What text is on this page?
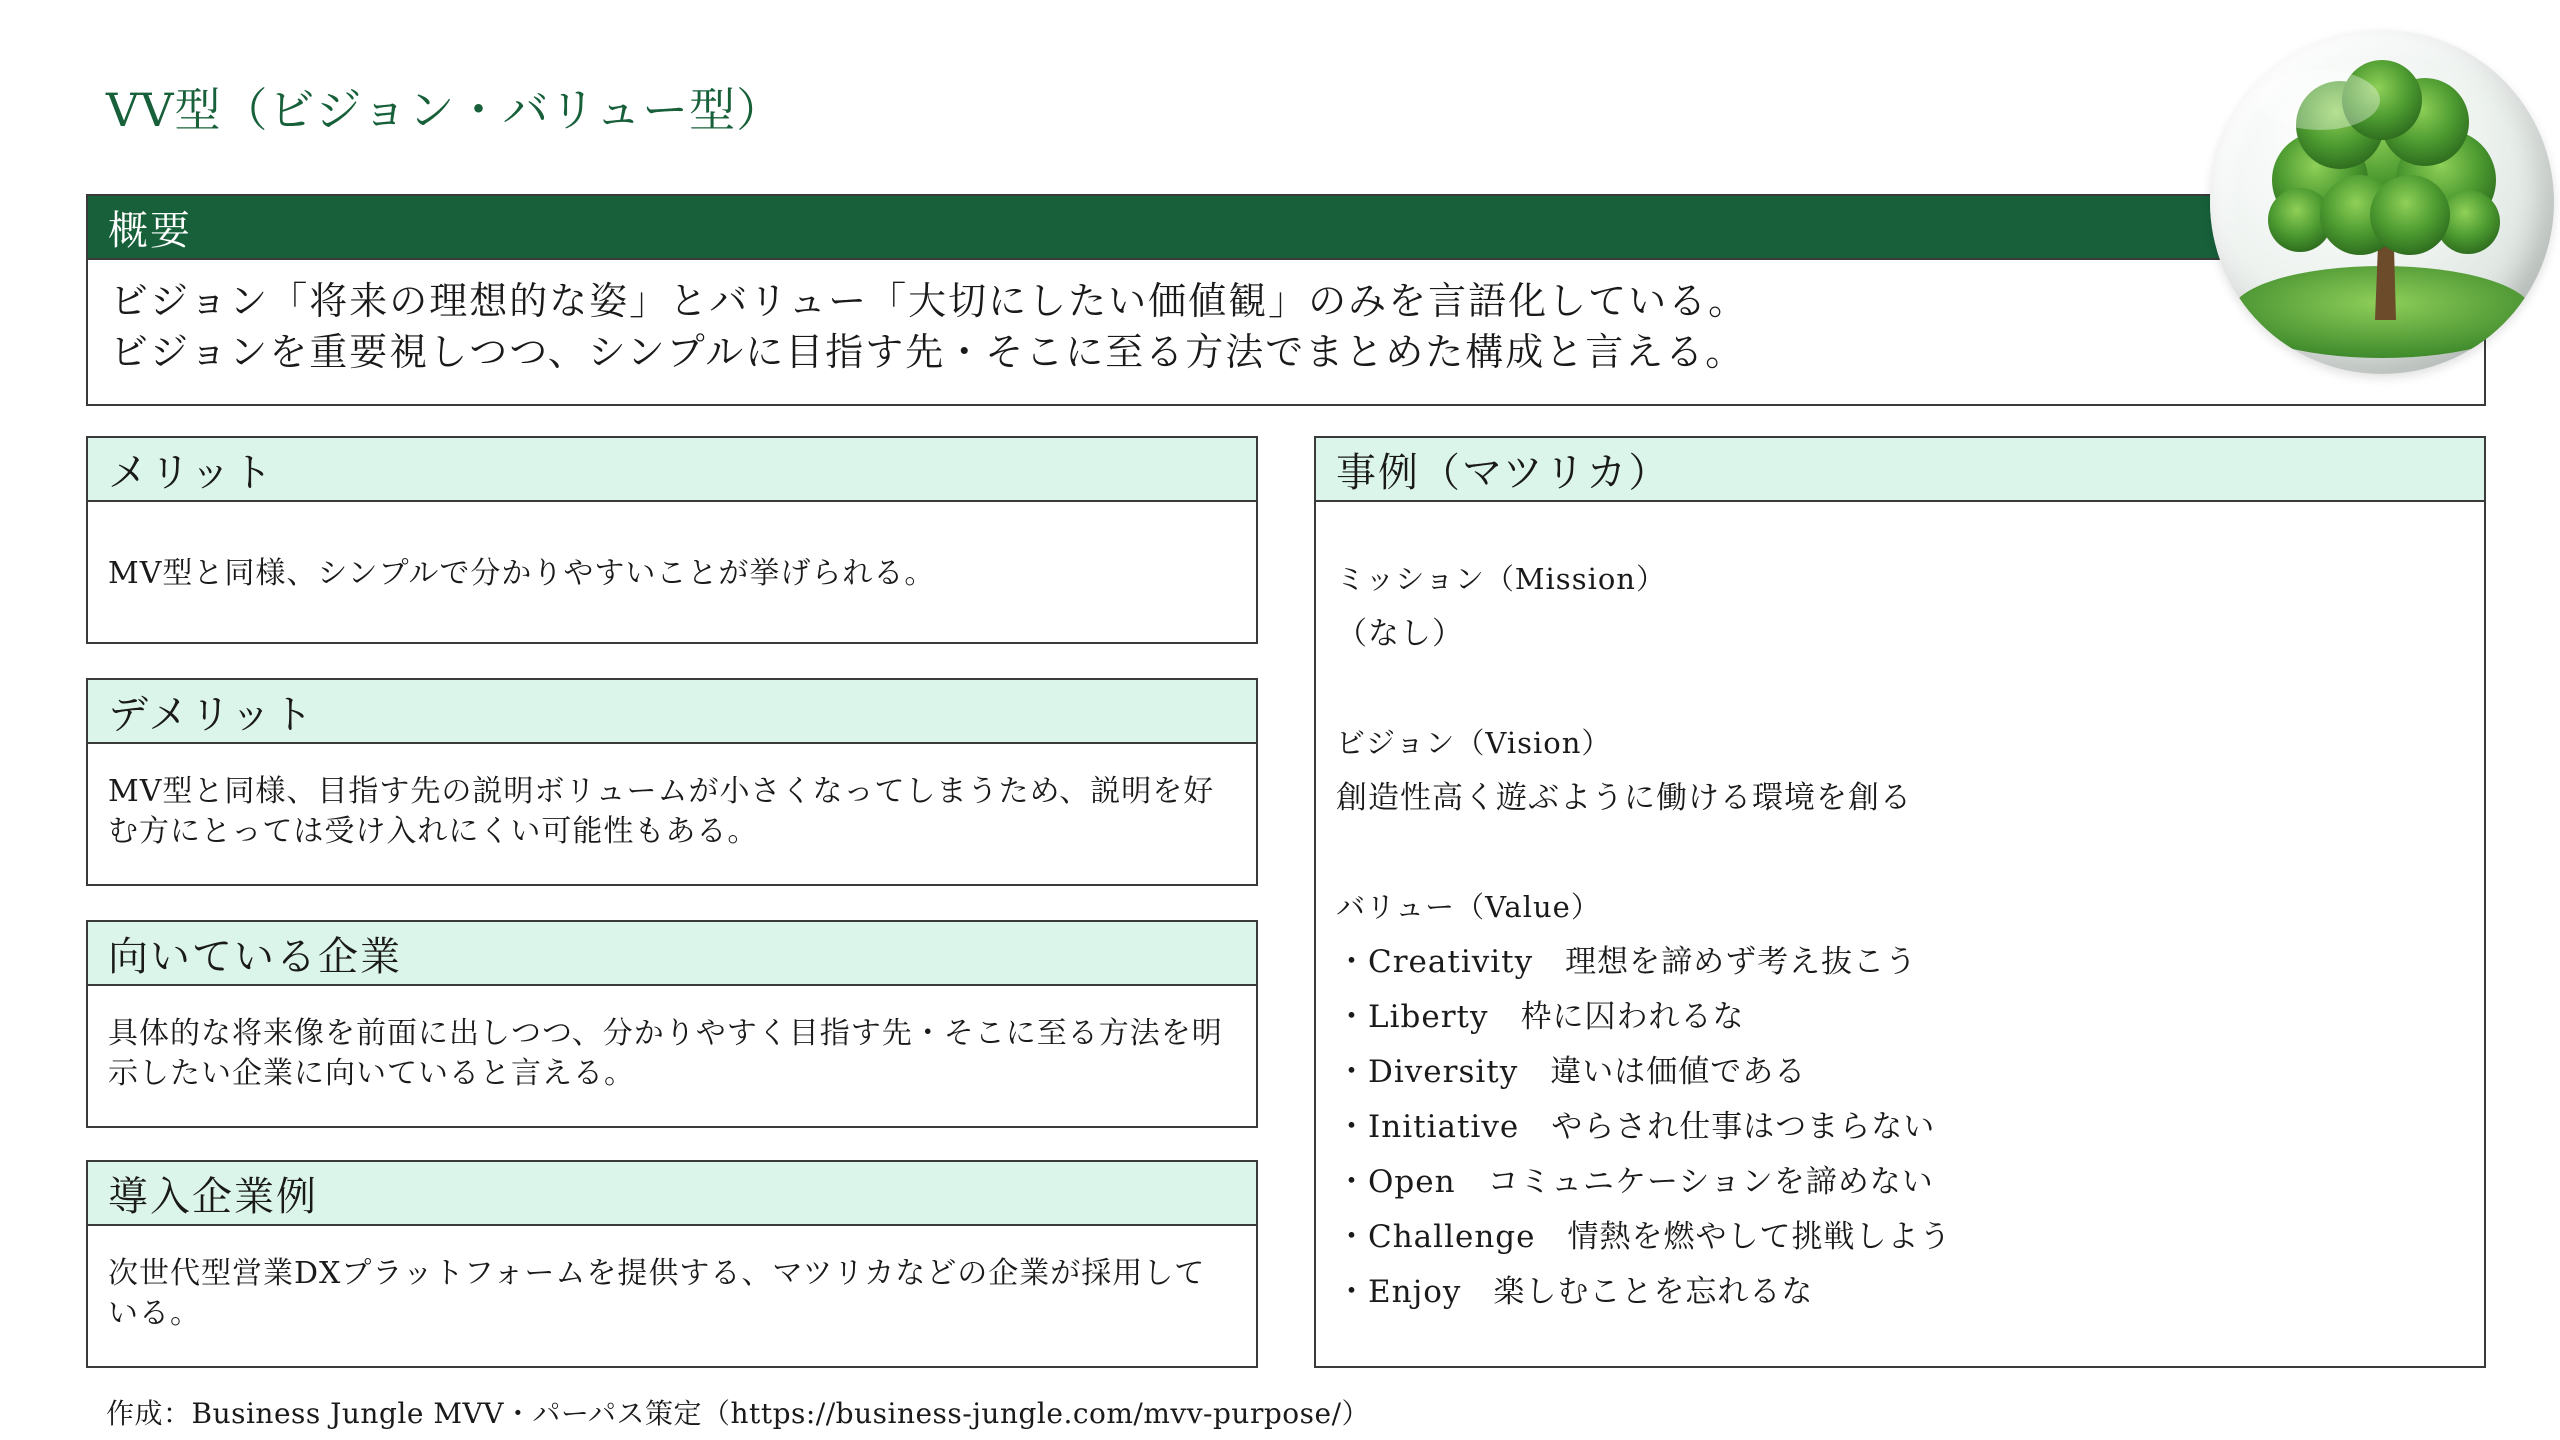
VV型（ビジョン・バリュー型）
概要
ビジョン「将来の理想的な姿」とバリュー「大切にしたい価値観」のみを言語化している。
ビジョンを重要視しつつ、シンプルに目指す先・そこに至る方法でまとめた構成と言える。
メリット
MV型と同様、シンプルで分かりやすいことが挙げられる。
デメリット
MV型と同様、目指す先の説明ボリュームが小さくなってしまうため、説明を好む方にとっては受け入れにくい可能性もある。
向いている企業
具体的な将来像を前面に出しつつ、分かりやすく目指す先・そこに至る方法を明示したい企業に向いていると言える。
導入企業例
次世代型営業DXプラットフォームを提供する、マツリカなどの企業が採用している。
事例（マツリカ）
ミッション（Mission）
（なし）
ビジョン（Vision）
創造性高く遊ぶように働ける環境を創る
バリュー（Value）
・Creativity　理想を諦めず考え抜こう
・Liberty　枠に囚われるな
・Diversity　違いは価値である
・Initiative　やらされ仕事はつまらない
・Open　コミュニケーションを諦めない
・Challenge　情熱を燃やして挑戦しよう
・Enjoy　楽しむことを忘れるな
作成：Business Jungle MVV・パーパス策定（https://business-jungle.com/mvv-purpose/）
